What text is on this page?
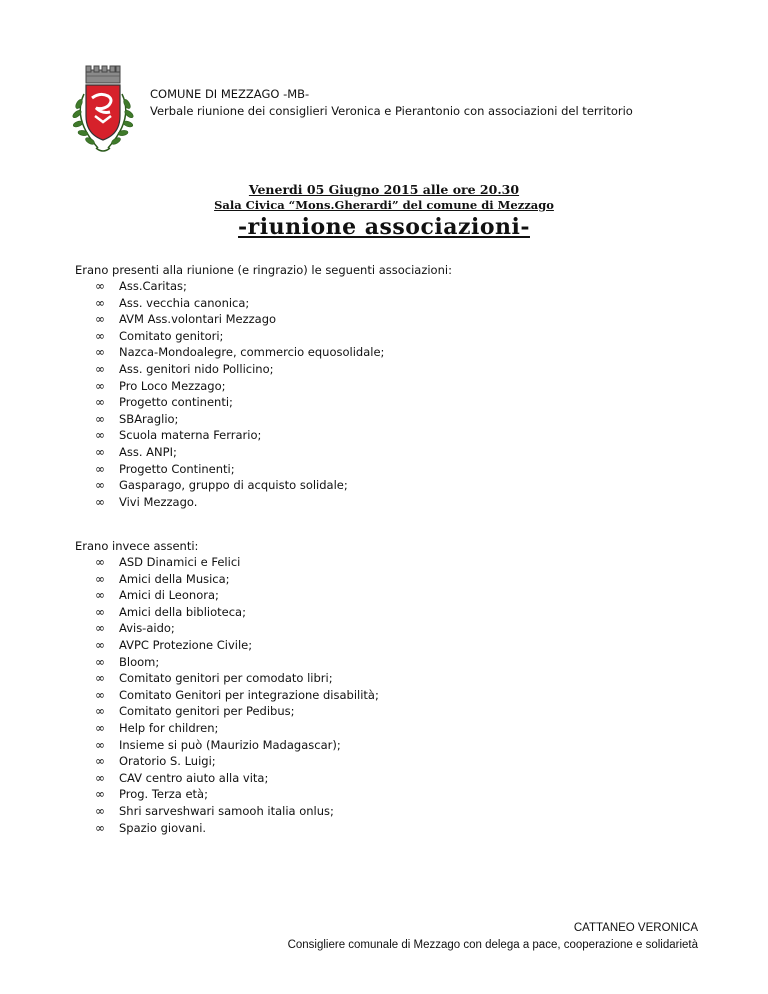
COMUNE DI MEZZAGO -MB-
Verbale riunione dei consiglieri Veronica e Pierantonio con associazioni del territorio
Venerdi 05 Giugno 2015 alle ore 20.30
Sala Civica “Mons.Gherardi” del comune di Mezzago
-riunione associazioni-
Erano presenti alla riunione (e ringrazio) le seguenti associazioni:
∞ Ass.Caritas;
∞ Ass. vecchia canonica;
∞ AVM Ass.volontari Mezzago
∞ Comitato genitori;
∞ Nazca-Mondoalegre, commercio equosolidale;
∞ Ass. genitori nido Pollicino;
∞ Pro Loco Mezzago;
∞ Progetto continenti;
∞ SBAraglio;
∞ Scuola materna Ferrario;
∞ Ass. ANPI;
∞ Progetto Continenti;
∞ Gasparago, gruppo di acquisto solidale;
∞ Vivi Mezzago.
Erano invece assenti:
∞ ASD Dinamici e Felici
∞ Amici della Musica;
∞ Amici di Leonora;
∞ Amici della biblioteca;
∞ Avis-aido;
∞ AVPC Protezione Civile;
∞ Bloom;
∞ Comitato genitori per comodato libri;
∞ Comitato Genitori per integrazione disabilità;
∞ Comitato genitori per Pedibus;
∞ Help for children;
∞ Insieme si può (Maurizio Madagascar);
∞ Oratorio S. Luigi;
∞ CAV centro aiuto alla vita;
∞ Prog. Terza età;
∞ Shri sarveshwari samooh italia onlus;
∞ Spazio giovani.
CATTANEO VERONICA
Consigliere comunale di Mezzago con delega a pace, cooperazione e solidarietà
